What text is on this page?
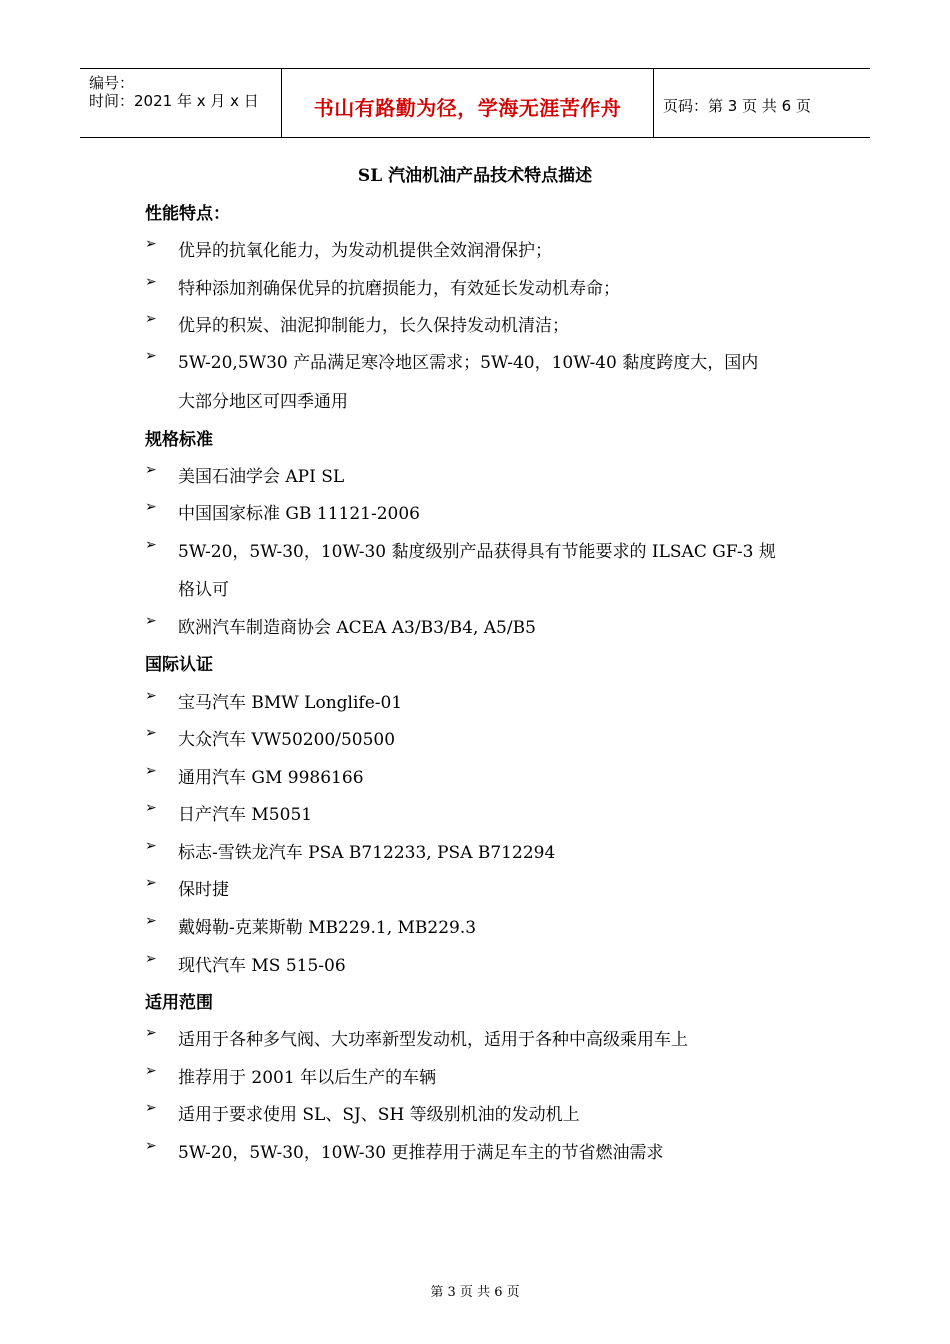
编号：
时间：2021 年 x 月 x 日	书山有路勤为径，学海无涯苦作舟	页码：第 3 页 共 6 页
SL 汽油机油产品技术特点描述
性能特点：
➢ 优异的抗氧化能力，为发动机提供全效润滑保护；
➢ 特种添加剂确保优异的抗磨损能力，有效延长发动机寿命；
➢ 优异的积炭、油泥抑制能力，长久保持发动机清洁；
➢ 5W-20,5W30 产品满足寒冷地区需求；5W-40，10W-40 黏度跨度大，国内
大部分地区可四季通用
规格标准
➢ 美国石油学会 API SL
➢ 中国国家标准 GB 11121-2006
➢ 5W-20，5W-30，10W-30 黏度级别产品获得具有节能要求的 ILSAC GF-3 规
格认可
➢ 欧洲汽车制造商协会 ACEA A3/B3/B4, A5/B5
国际认证
➢ 宝马汽车 BMW Longlife-01
➢ 大众汽车 VW50200/50500
➢ 通用汽车 GM 9986166
➢ 日产汽车 M5051
➢ 标志-雪铁龙汽车 PSA B712233, PSA B712294
➢ 保时捷
➢ 戴姆勒-克莱斯勒 MB229.1, MB229.3
➢ 现代汽车 MS 515-06
适用范围
➢ 适用于各种多气阀、大功率新型发动机，适用于各种中高级乘用车上
➢ 推荐用于 2001 年以后生产的车辆
➢ 适用于要求使用 SL、SJ、SH 等级别机油的发动机上
➢ 5W-20，5W-30，10W-30 更推荐用于满足车主的节省燃油需求
第 3 页 共 6 页
